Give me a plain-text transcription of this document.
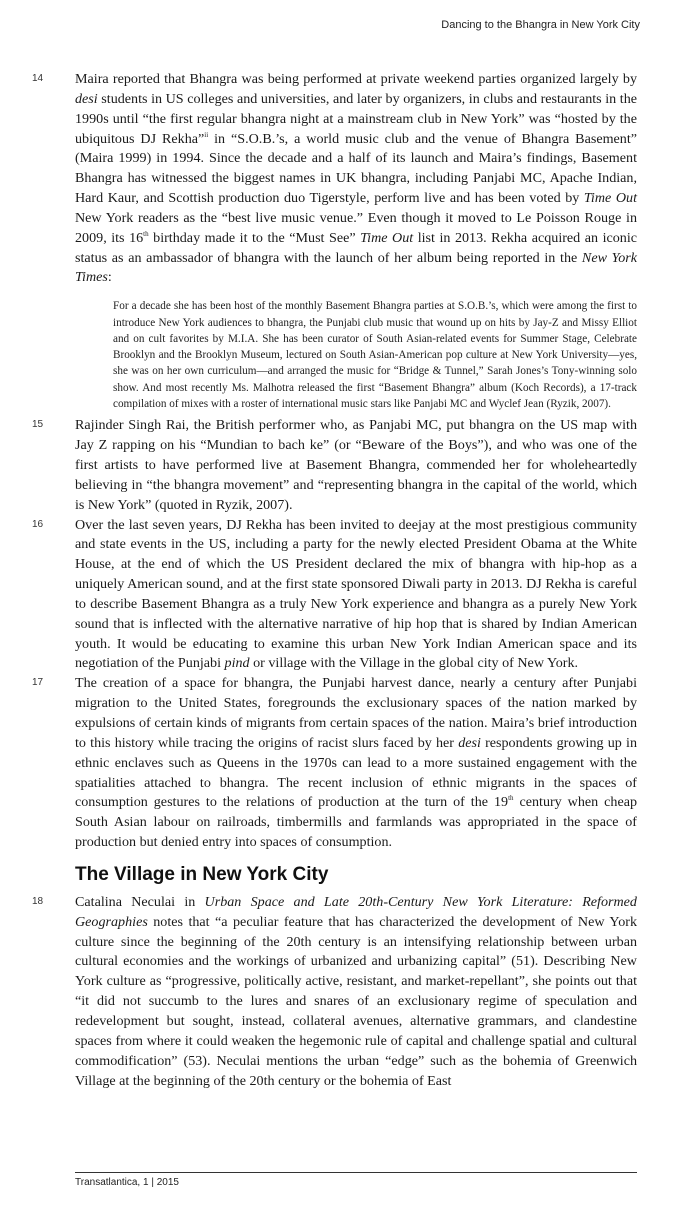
Dancing to the Bhangra in New York City
14 Maira reported that Bhangra was being performed at private weekend parties organized largely by desi students in US colleges and universities, and later by organizers, in clubs and restaurants in the 1990s until “the first regular bhangra night at a mainstream club in New York” was “hosted by the ubiquitous DJ Rekha”$^{ii}$ in “S.O.B.’s, a world music club and the venue of Bhangra Basement” (Maira 1999) in 1994. Since the decade and a half of its launch and Maira’s findings, Basement Bhangra has witnessed the biggest names in UK bhangra, including Panjabi MC, Apache Indian, Hard Kaur, and Scottish production duo Tigerstyle, perform live and has been voted by Time Out New York readers as the “best live music venue.” Even though it moved to Le Poisson Rouge in 2009, its 16th birthday made it to the “Must See” Time Out list in 2013. Rekha acquired an iconic status as an ambassador of bhangra with the launch of her album being reported in the New York Times:

For a decade she has been host of the monthly Basement Bhangra parties at S.O.B.’s, which were among the first to introduce New York audiences to bhangra, the Punjabi club music that wound up on hits by Jay-Z and Missy Elliot and on cult favorites by M.I.A. She has been curator of South Asian-related events for Summer Stage, Celebrate Brooklyn and the Brooklyn Museum, lectured on South Asian-American pop culture at New York University—yes, she was on her own curriculum—and arranged the music for “Bridge & Tunnel,” Sarah Jones’s Tony-winning solo show. And most recently Ms. Malhotra released the first “Basement Bhangra” album (Koch Records), a 17-track compilation of mixes with a roster of international music stars like Panjabi MC and Wyclef Jean (Ryzik, 2007).

15 Rajinder Singh Rai, the British performer who, as Panjabi MC, put bhangra on the US map with Jay Z rapping on his “Mundian to bach ke” (or “Beware of the Boys”), and who was one of the first artists to have performed live at Basement Bhangra, commended her for wholeheartedly believing in “the bhangra movement” and “representing bhangra in the capital of the world, which is New York” (quoted in Ryzik, 2007).

16 Over the last seven years, DJ Rekha has been invited to deejay at the most prestigious community and state events in the US, including a party for the newly elected President Obama at the White House, at the end of which the US President declared the mix of bhangra with hip-hop as a uniquely American sound, and at the first state sponsored Diwali party in 2013. DJ Rekha is careful to describe Basement Bhangra as a truly New York experience and bhangra as a purely New York sound that is inflected with the alternative narrative of hip hop that is shared by Indian American youth. It would be educating to examine this urban New York Indian American space and its negotiation of the Punjabi pind or village with the Village in the global city of New York.

17 The creation of a space for bhangra, the Punjabi harvest dance, nearly a century after Punjabi migration to the United States, foregrounds the exclusionary spaces of the nation marked by expulsions of certain kinds of migrants from certain spaces of the nation. Maira’s brief introduction to this history while tracing the origins of racist slurs faced by her desi respondents growing up in ethnic enclaves such as Queens in the 1970s can lead to a more sustained engagement with the spatialities attached to bhangra. The recent inclusion of ethnic migrants in the spaces of consumption gestures to the relations of production at the turn of the 19th century when cheap South Asian labour on railroads, timbermills and farmlands was appropriated in the space of production but denied entry into spaces of consumption.

The Village in New York City
18 Catalina Neculai in Urban Space and Late 20th-Century New York Literature: Reformed Geographies notes that “a peculiar feature that has characterized the development of New York culture since the beginning of the 20th century is an intensifying relationship between urban cultural economies and the workings of urbanized and urbanizing capital” (51). Describing New York culture as “progressive, politically active, resistant, and market-repellant”, she points out that “it did not succumb to the lures and snares of an exclusionary regime of speculation and redevelopment but sought, instead, collateral avenues, alternative grammars, and clandestine spaces from where it could weaken the hegemonic rule of capital and challenge spatial and cultural commodification” (53). Neculai mentions the urban “edge” such as the bohemia of Greenwich Village at the beginning of the 20th century or the bohemia of East

Transatlantica, 1 | 2015
